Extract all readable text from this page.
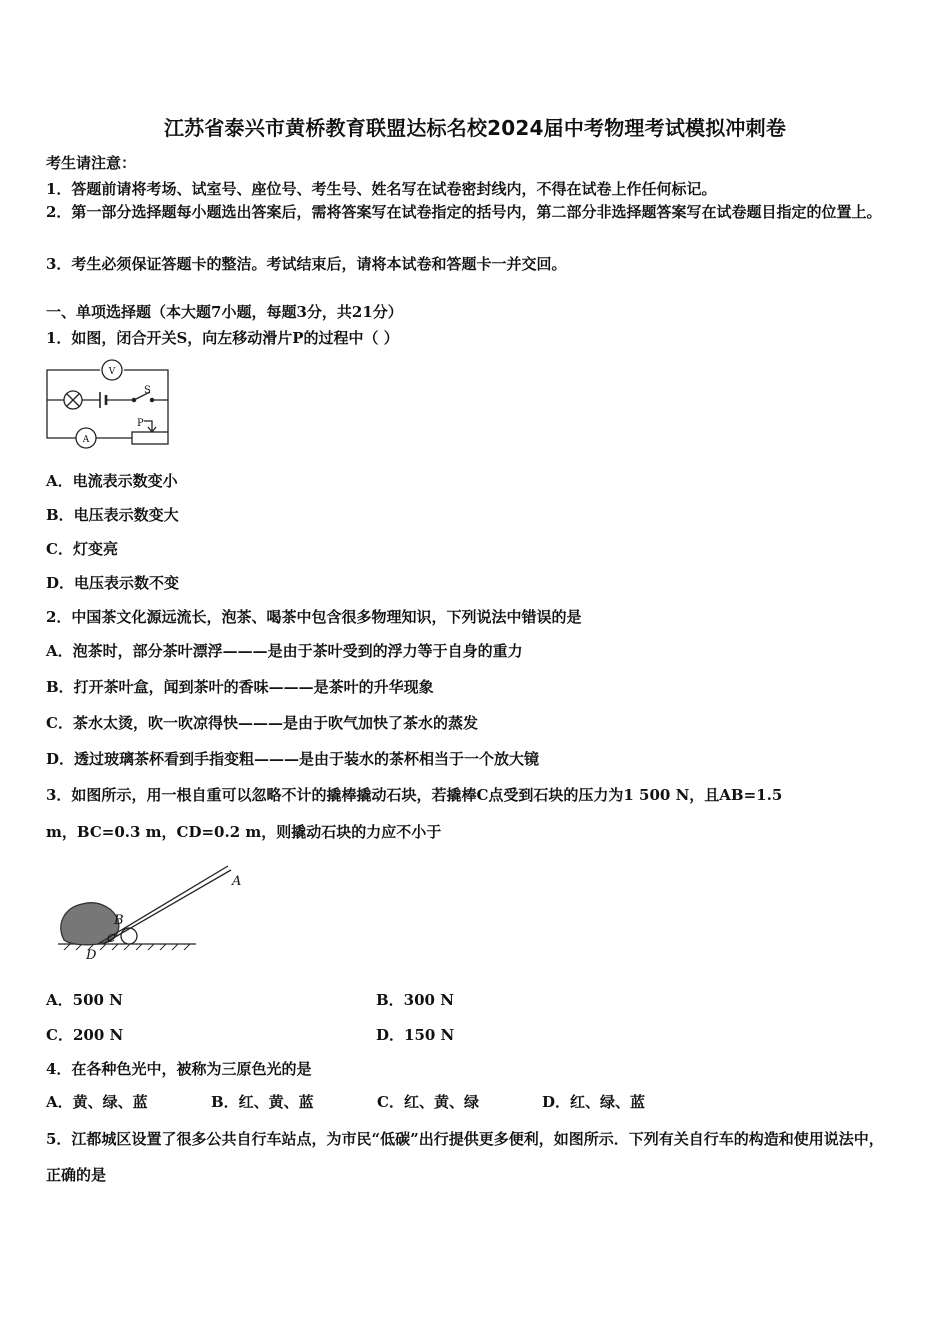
江苏省泰兴市黄桥教育联盟达标名校2024届中考物理考试模拟冲刺卷
考生请注意：
1．答题前请将考场、试室号、座位号、考生号、姓名写在试卷密封线内，不得在试卷上作任何标记。
2．第一部分选择题每小题选出答案后，需将答案写在试卷指定的括号内，第二部分非选择题答案写在试卷题目指定的位置上。
3．考生必须保证答题卡的整洁。考试结束后，请将本试卷和答题卡一并交回。
一、单项选择题（本大题7小题，每题3分，共21分）
1．如图，闭合开关S，向左移动滑片P的过程中（ ）
V
A
S
P
A．电流表示数变小
B．电压表示数变大
C．灯变亮
D．电压表示数不变
2．中国茶文化源远流长，泡茶、喝茶中包含很多物理知识，下列说法中错误的是
A．泡茶时，部分茶叶漂浮———是由于茶叶受到的浮力等于自身的重力
B．打开茶叶盒，闻到茶叶的香味———是茶叶的升华现象
C．茶水太烫，吹一吹凉得快———是由于吹气加快了茶水的蒸发
D．透过玻璃茶杯看到手指变粗———是由于装水的茶杯相当于一个放大镜
3．如图所示，用一根自重可以忽略不计的撬棒撬动石块，若撬棒C点受到石块的压力为1 500 N，且AB=1.5
m，BC=0.3 m，CD=0.2 m，则撬动石块的力应不小于
A
B
C
D
A．500 N	B．300 N
C．200 N	D．150 N
4．在各种色光中，被称为三原色光的是
A．黄、绿、蓝	B．红、黄、蓝	C．红、黄、绿	D．红、绿、蓝
5．江都城区设置了很多公共自行车站点，为市民“低碳”出行提供更多便利，如图所示．下列有关自行车的构造和使用说法中，正确的是
